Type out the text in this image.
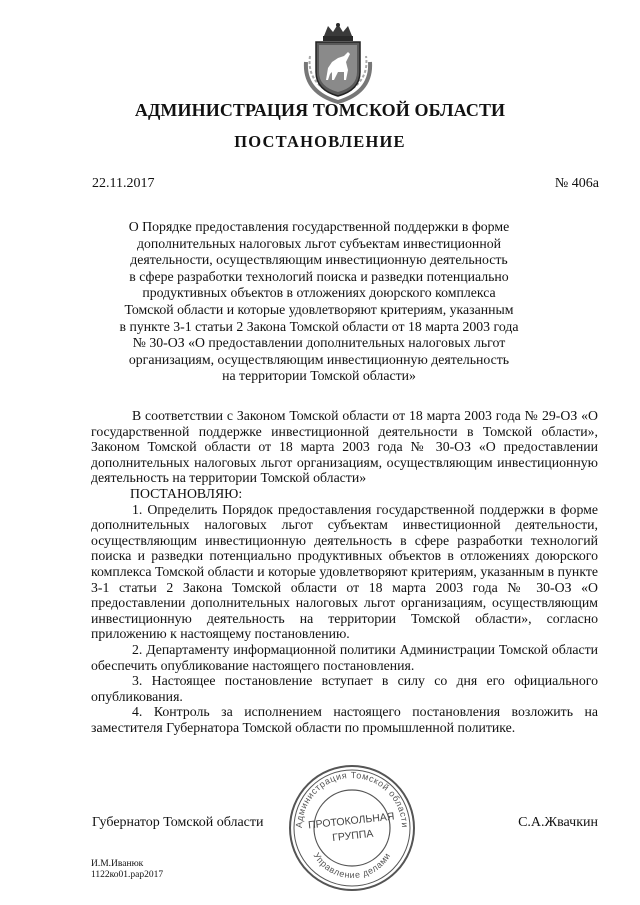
АДМИНИСТРАЦИЯ ТОМСКОЙ ОБЛАСТИ
ПОСТАНОВЛЕНИЕ
22.11.2017	№ 406а
О Порядке предоставления государственной поддержки в форме
дополнительных налоговых льгот субъектам инвестиционной
деятельности, осуществляющим инвестиционную деятельность
в сфере разработки технологий поиска и разведки потенциально
продуктивных объектов в отложениях доюрского комплекса
Томской области и которые удовлетворяют критериям, указанным
в пункте 3-1 статьи 2 Закона Томской области от 18 марта 2003 года
№ 30-ОЗ «О предоставлении дополнительных налоговых льгот
организациям, осуществляющим инвестиционную деятельность
на территории Томской области»

В соответствии с Законом Томской области от 18 марта 2003 года № 29-ОЗ «О государственной поддержке инвестиционной деятельности в Томской области», Законом Томской области от 18 марта 2003 года № 30-ОЗ «О предоставлении дополнительных налоговых льгот организациям, осуществляющим инвестиционную деятельность на территории Томской области»

ПОСТАНОВЛЯЮ:

1. Определить Порядок предоставления государственной поддержки в форме дополнительных налоговых льгот субъектам инвестиционной деятельности, осуществляющим инвестиционную деятельность в сфере разработки технологий поиска и разведки потенциально продуктивных объектов в отложениях доюрского комплекса Томской области и которые удовлетворяют критериям, указанным в пункте 3-1 статьи 2 Закона Томской области от 18 марта 2003 года № 30-ОЗ «О предоставлении дополнительных налоговых льгот организациям, осуществляющим инвестиционную деятельность на территории Томской области», согласно приложению к настоящему постановлению.

2. Департаменту информационной политики Администрации Томской области обеспечить опубликование настоящего постановления.

3. Настоящее постановление вступает в силу со дня его официального опубликования.

4. Контроль за исполнением настоящего постановления возложить на заместителя Губернатора Томской области по промышленной политике.

Губернатор Томской области	С.А.Жвачкин
Администрация Томской области
Управление делами
ПРОТОКОЛЬНАЯ
ГРУППА
И.М.Иванюк
1122ко01.рар2017
